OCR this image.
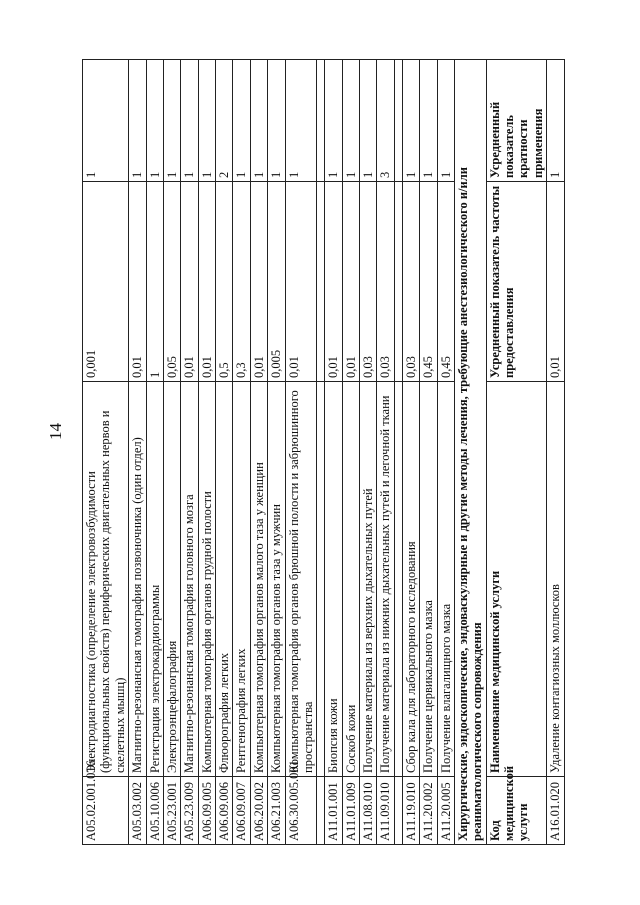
14
A05.02.001.016	Электродиагностика (определение электровозбудимости (функциональных свойств) периферических двигательных нервов и скелетных мышц)	0,001	1
A05.03.002	Магнитно-резонансная томография позвоночника (один отдел)	0,01	1
A05.10.006	Регистрация электрокардиограммы	1	1
A05.23.001	Электроэнцефалография	0,05	1
A05.23.009	Магнитно-резонансная томография головного мозга	0,01	1
A06.09.005	Компьютерная томография органов грудной полости	0,01	1
A06.09.006	Флюорография легких	0,5	2
A06.09.007	Рентгенография легких	0,3	1
A06.20.002	Компьютерная томография органов малого таза у женщин	0,01	1
A06.21.003	Компьютерная томография органов таза у мужчин	0,005	1
A06.30.005.001	Компьютерная томография органов брюшной полости и забрюшинного пространства	0,01	1

A11.01.001	Биопсия кожи	0,01	1
A11.01.009	Соскоб кожи	0,01	1
A11.08.010	Получение материала из верхних дыхательных путей	0,03	1
A11.09.010	Получение материала из нижних дыхательных путей и легочной ткани	0,03	3

A11.19.010	Сбор кала для лабораторного исследования	0,03	1
A11.20.002	Получение цервикального мазка	0,45	1
A11.20.005	Получение влагалищного мазка	0,45	1
Хирургические, эндоскопические, эндоваскулярные и другие методы лечения, требующие анестезиологического и/или реаниматологического сопровождения			
Код медицинской услуги	Наименование медицинской услуги	Усредненный показатель частоты предоставления	Усредненный показатель кратности применения
A16.01.020	Удаление контагиозных моллюсков	0,01	1
